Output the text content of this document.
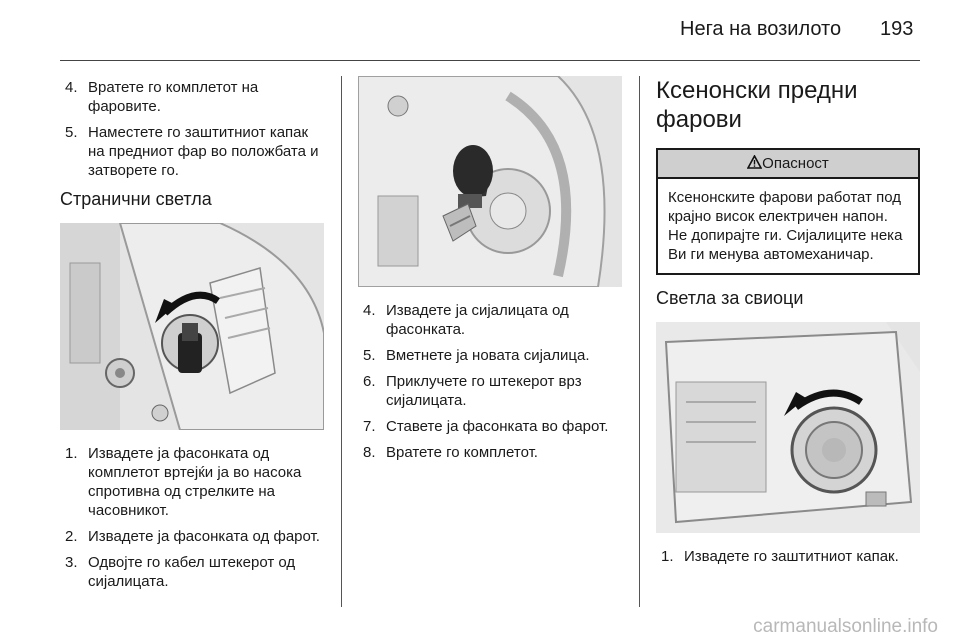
Нега на возилото 193
4. Вратете го комплетот на фаровите.
5. Наместете го заштитниот капак на предниот фар во положбата и затворете го.
Странични светла
1. Извадете ја фасонката од комплетот вртејќи ја во насока спротивна од стрелките на часовникот.
2. Извадете ја фасонката од фарот.
3. Одвојте го кабел штекерот од сијалицата.
4. Извадете ја сијалицата од фасонката.
5. Вметнете ја новата сијалица.
6. Приклучете го штекерот врз сијалицата.
7. Ставете ја фасонката во фарот.
8. Вратете го комплетот.
Ксенонски предни фарови
Опасност
Ксенонските фарови работат под крајно висок електричен напон. Не допирајте ги. Сијалиците нека Ви ги менува автомеханичар.
Светла за свиоци
1. Извадете го заштитниот капак.
carmanualsonline.info
